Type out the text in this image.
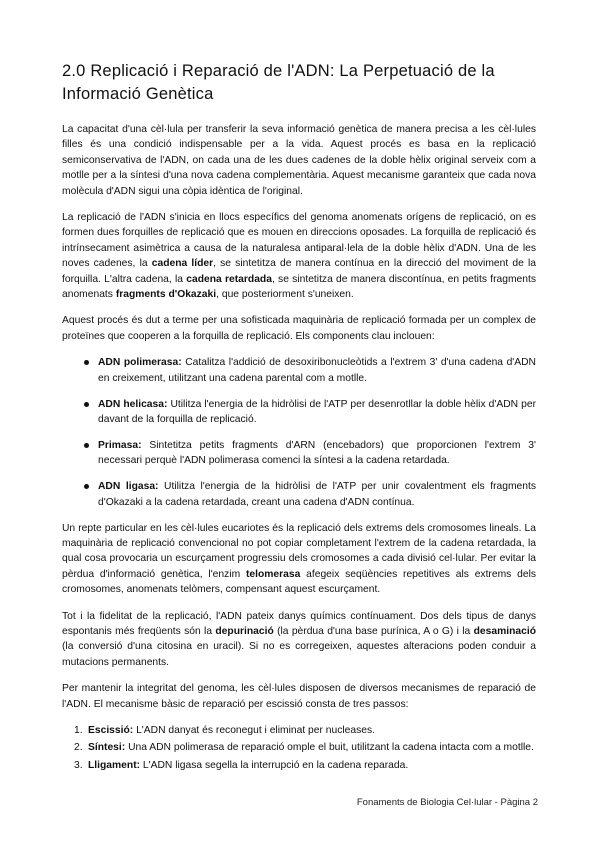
2.0 Replicació i Reparació de l'ADN: La Perpetuació de la Informació Genètica

La capacitat d'una cèl·lula per transferir la seva informació genètica de manera precisa a les cèl·lules filles és una condició indispensable per a la vida. Aquest procés es basa en la replicació semiconservativa de l'ADN, on cada una de les dues cadenes de la doble hèlix original serveix com a motlle per a la síntesi d'una nova cadena complementària. Aquest mecanisme garanteix que cada nova molècula d'ADN sigui una còpia idèntica de l'original.

La replicació de l'ADN s'inicia en llocs específics del genoma anomenats orígens de replicació, on es formen dues forquilles de replicació que es mouen en direccions oposades. La forquilla de replicació és intrínsecament asimètrica a causa de la naturalesa antiparal·lela de la doble hèlix d'ADN. Una de les noves cadenes, la cadena líder, se sintetitza de manera contínua en la direcció del moviment de la forquilla. L'altra cadena, la cadena retardada, se sintetitza de manera discontínua, en petits fragments anomenats fragments d'Okazaki, que posteriorment s'uneixen.

Aquest procés és dut a terme per una sofisticada maquinària de replicació formada per un complex de proteïnes que cooperen a la forquilla de replicació. Els components clau inclouen:

ADN polimerasa: Catalitza l'addició de desoxiribonucleòtids a l'extrem 3' d'una cadena d'ADN en creixement, utilitzant una cadena parental com a motlle.
ADN helicasa: Utilitza l'energia de la hidròlisi de l'ATP per desenrotllar la doble hèlix d'ADN per davant de la forquilla de replicació.
Primasa: Sintetitza petits fragments d'ARN (encebadors) que proporcionen l'extrem 3' necessari perquè l'ADN polimerasa comenci la síntesi a la cadena retardada.
ADN ligasa: Utilitza l'energia de la hidròlisi de l'ATP per unir covalentment els fragments d'Okazaki a la cadena retardada, creant una cadena d'ADN contínua.

Un repte particular en les cèl·lules eucariotes és la replicació dels extrems dels cromosomes lineals. La maquinària de replicació convencional no pot copiar completament l'extrem de la cadena retardada, la qual cosa provocaria un escurçament progressiu dels cromosomes a cada divisió cel·lular. Per evitar la pèrdua d'informació genètica, l'enzim telomerasa afegeix seqüències repetitives als extrems dels cromosomes, anomenats telòmers, compensant aquest escurçament.

Tot i la fidelitat de la replicació, l'ADN pateix danys químics contínuament. Dos dels tipus de danys espontanis més freqüents són la depurinació (la pèrdua d'una base purínica, A o G) i la desaminació (la conversió d'una citosina en uracil). Si no es corregeixen, aquestes alteracions poden conduir a mutacions permanents.

Per mantenir la integritat del genoma, les cèl·lules disposen de diversos mecanismes de reparació de l'ADN. El mecanisme bàsic de reparació per escissió consta de tres passos:

1. Escissió: L'ADN danyat és reconegut i eliminat per nucleases.
2. Síntesi: Una ADN polimerasa de reparació omple el buit, utilitzant la cadena intacta com a motlle.
3. Lligament: L'ADN ligasa segella la interrupció en la cadena reparada.
Fonaments de Biologia Cel·lular - Pàgina 2
